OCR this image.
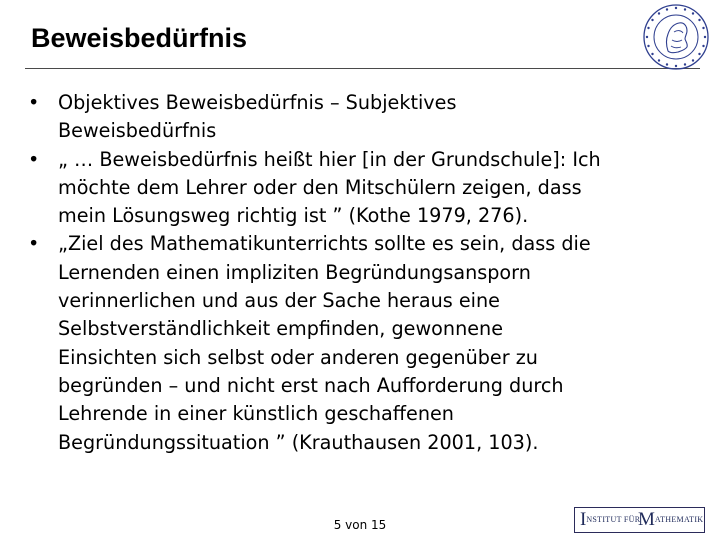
Beweisbedürfnis
• Objektives Beweisbedürfnis – Subjektives
Beweisbedürfnis
• „ … Beweisbedürfnis heißt hier [in der Grundschule]: Ich
möchte dem Lehrer oder den Mitschülern zeigen, dass
mein Lösungsweg richtig ist ” (Kothe 1979, 276).
• „Ziel des Mathematikunterrichts sollte es sein, dass die
Lernenden einen impliziten Begründungsansporn
verinnerlichen und aus der Sache heraus eine
Selbstverständlichkeit empfinden, gewonnene
Einsichten sich selbst oder anderen gegenüber zu
begründen – und nicht erst nach Aufforderung durch
Lehrende in einer künstlich geschaffenen
Begründungssituation ” (Krauthausen 2001, 103).
5 von 15	INSTITUT FÜR
MATHEMATIK
